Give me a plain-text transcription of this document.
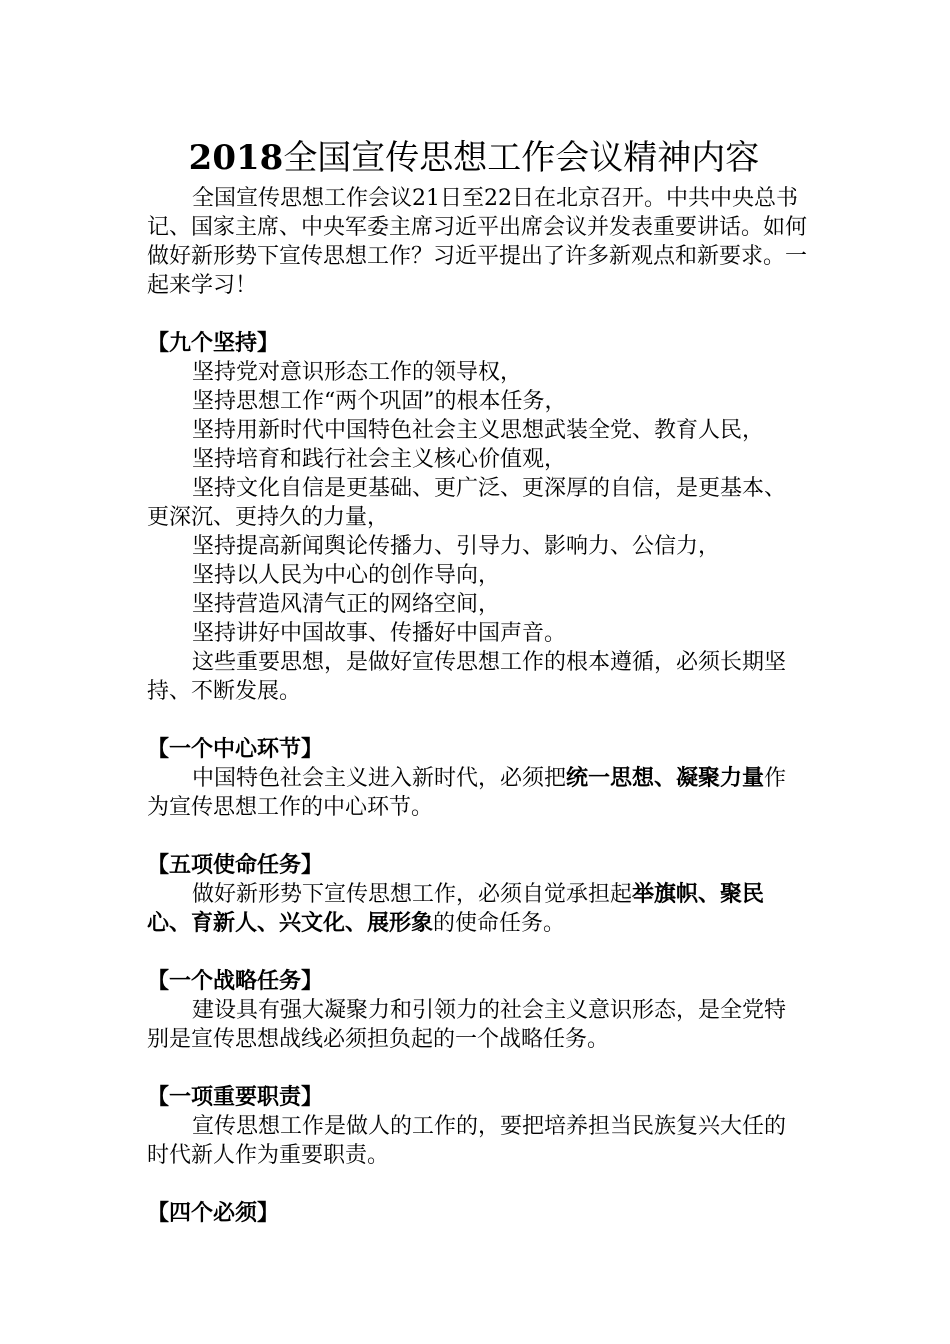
2018全国宣传思想工作会议精神内容

全国宣传思想工作会议21日至22日在北京召开。中共中央总书记、国家主席、中央军委主席习近平出席会议并发表重要讲话。如何做好新形势下宣传思想工作？习近平提出了许多新观点和新要求。一起来学习！

【九个坚持】

坚持党对意识形态工作的领导权，

坚持思想工作“两个巩固”的根本任务，

坚持用新时代中国特色社会主义思想武装全党、教育人民，

坚持培育和践行社会主义核心价值观，

坚持文化自信是更基础、更广泛、更深厚的自信，是更基本、更深沉、更持久的力量，

坚持提高新闻舆论传播力、引导力、影响力、公信力，

坚持以人民为中心的创作导向，

坚持营造风清气正的网络空间，

坚持讲好中国故事、传播好中国声音。

这些重要思想，是做好宣传思想工作的根本遵循，必须长期坚持、不断发展。

【一个中心环节】

中国特色社会主义进入新时代，必须把统一思想、凝聚力量作为宣传思想工作的中心环节。

【五项使命任务】

做好新形势下宣传思想工作，必须自觉承担起举旗帜、聚民心、育新人、兴文化、展形象的使命任务。

【一个战略任务】

建设具有强大凝聚力和引领力的社会主义意识形态，是全党特别是宣传思想战线必须担负起的一个战略任务。

【一项重要职责】

宣传思想工作是做人的工作的，要把培养担当民族复兴大任的时代新人作为重要职责。

【四个必须】
